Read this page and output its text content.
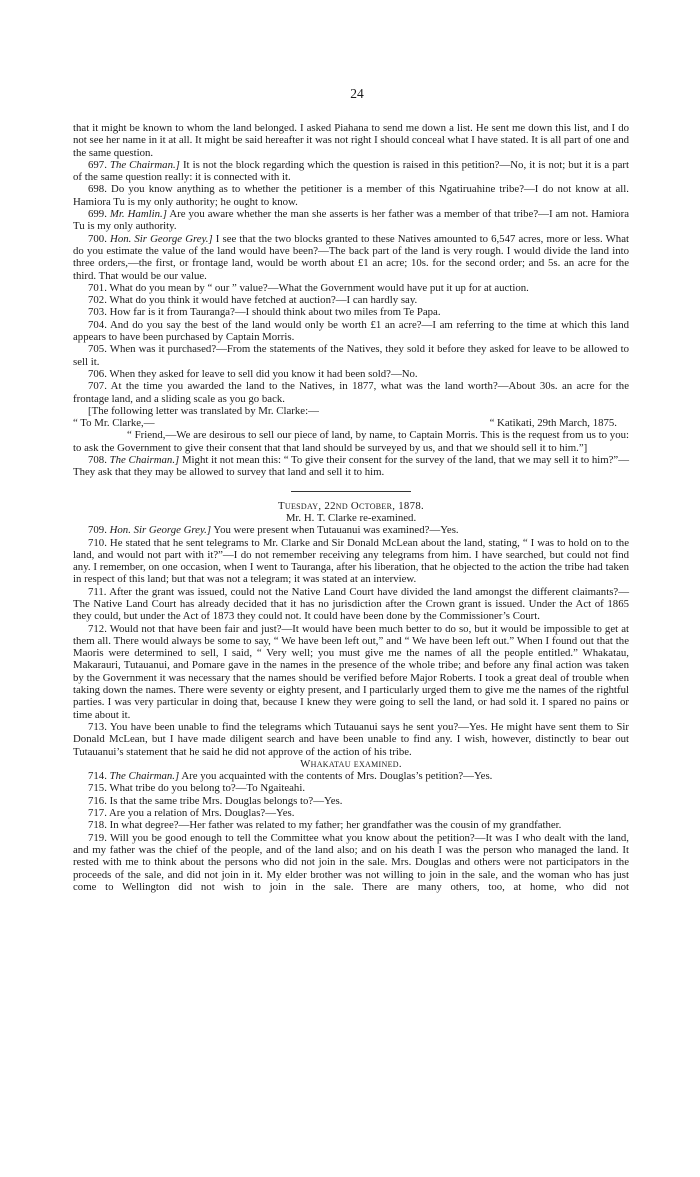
24

that it might be known to whom the land belonged. I asked Piahana to send me down a list. He sent me down this list, and I do not see her name in it at all. It might be said hereafter it was not right I should conceal what I have stated. It is all part of one and the same question.

697. The Chairman.] It is not the block regarding which the question is raised in this petition?—No, it is not; but it is a part of the same question really: it is connected with it.

698. Do you know anything as to whether the petitioner is a member of this Ngatiruahine tribe?—I do not know at all. Hamiora Tu is my only authority; he ought to know.

699. Mr. Hamlin.] Are you aware whether the man she asserts is her father was a member of that tribe?—I am not. Hamiora Tu is my only authority.

700. Hon. Sir George Grey.] I see that the two blocks granted to these Natives amounted to 6,547 acres, more or less. What do you estimate the value of the land would have been?—The back part of the land is very rough. I would divide the land into three orders,—the first, or frontage land, would be worth about £1 an acre; 10s. for the second order; and 5s. an acre for the third. That would be our value.

701. What do you mean by “ our ” value?—What the Government would have put it up for at auction.

702. What do you think it would have fetched at auction?—I can hardly say.

703. How far is it from Tauranga?—I should think about two miles from Te Papa.

704. And do you say the best of the land would only be worth £1 an acre?—I am referring to the time at which this land appears to have been purchased by Captain Morris.

705. When was it purchased?—From the statements of the Natives, they sold it before they asked for leave to be allowed to sell it.

706. When they asked for leave to sell did you know it had been sold?—No.

707. At the time you awarded the land to the Natives, in 1877, what was the land worth?—About 30s. an acre for the frontage land, and a sliding scale as you go back.

[The following letter was translated by Mr. Clarke:—

“ To Mr. Clarke,—	“ Katikati, 29th March, 1875.

“ Friend,—We are desirous to sell our piece of land, by name, to Captain Morris. This is the request from us to you: to ask the Government to give their consent that that land should be surveyed by us, and that we should sell it to him.”]

708. The Chairman.] Might it not mean this: “ To give their consent for the survey of the land, that we may sell it to him?”—They ask that they may be allowed to survey that land and sell it to him.

Tuesday, 22nd October, 1878.

Mr. H. T. Clarke re-examined.

709. Hon. Sir George Grey.] You were present when Tutauanui was examined?—Yes.

710. He stated that he sent telegrams to Mr. Clarke and Sir Donald McLean about the land, stating, “ I was to hold on to the land, and would not part with it?”—I do not remember receiving any telegrams from him. I have searched, but could not find any. I remember, on one occasion, when I went to Tauranga, after his liberation, that he objected to the action the tribe had taken in respect of this land; but that was not a telegram; it was stated at an interview.

711. After the grant was issued, could not the Native Land Court have divided the land amongst the different claimants?—The Native Land Court has already decided that it has no jurisdiction after the Crown grant is issued. Under the Act of 1865 they could, but under the Act of 1873 they could not. It could have been done by the Commissioner’s Court.

712. Would not that have been fair and just?—It would have been much better to do so, but it would be impossible to get at them all. There would always be some to say, “ We have been left out,” and “ We have been left out.” When I found out that the Maoris were determined to sell, I said, “ Very well; you must give me the names of all the people entitled.” Whakatau, Makarauri, Tutauanui, and Pomare gave in the names in the presence of the whole tribe; and before any final action was taken by the Government it was necessary that the names should be verified before Major Roberts. I took a great deal of trouble when taking down the names. There were seventy or eighty present, and I particularly urged them to give me the names of the rightful parties. I was very particular in doing that, because I knew they were going to sell the land, or had sold it. I spared no pains or time about it.

713. You have been unable to find the telegrams which Tutauanui says he sent you?—Yes. He might have sent them to Sir Donald McLean, but I have made diligent search and have been unable to find any. I wish, however, distinctly to bear out Tutauanui’s statement that he said he did not approve of the action of his tribe.

Whakatau examined.

714. The Chairman.] Are you acquainted with the contents of Mrs. Douglas’s petition?—Yes.

715. What tribe do you belong to?—To Ngaiteahi.

716. Is that the same tribe Mrs. Douglas belongs to?—Yes.

717. Are you a relation of Mrs. Douglas?—Yes.

718. In what degree?—Her father was related to my father; her grandfather was the cousin of my grandfather.

719. Will you be good enough to tell the Committee what you know about the petition?—It was I who dealt with the land, and my father was the chief of the people, and of the land also; and on his death I was the person who managed the land. It rested with me to think about the persons who did not join in the sale. Mrs. Douglas and others were not participators in the proceeds of the sale, and did not join in it. My elder brother was not willing to join in the sale, and the woman who has just come to Wellington did not wish to join in the sale. There are many others, too, at home, who did not
